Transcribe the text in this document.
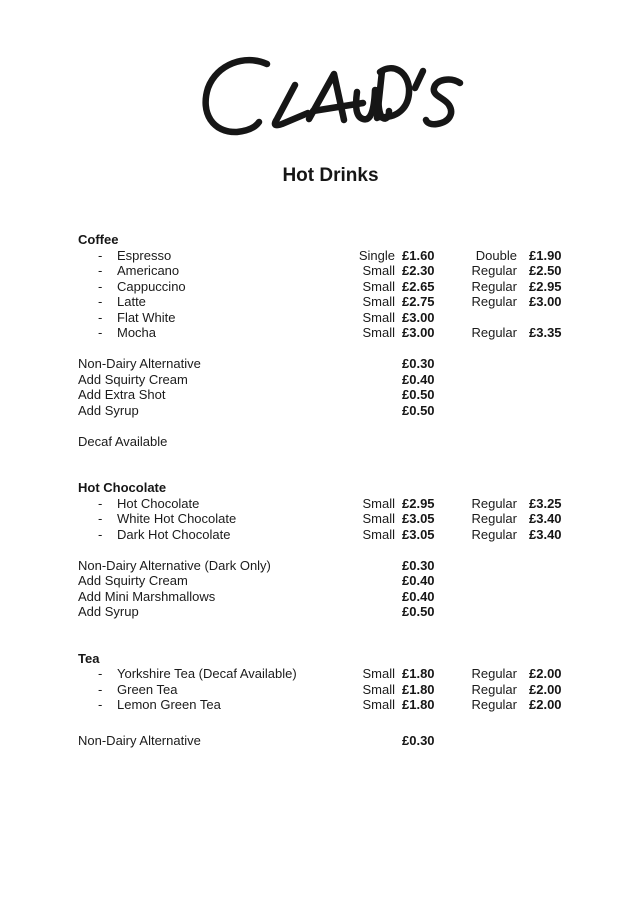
Hot Drinks
Coffee
- Espresso	Single £1.60	Double £1.90
- Americano	Small £2.30	Regular £2.50
- Cappuccino	Small £2.65	Regular £2.95
- Latte	Small £2.75	Regular £3.00
- Flat White	Small £3.00
- Mocha	Small £3.00	Regular £3.35
Non-Dairy Alternative	£0.30
Add Squirty Cream	£0.40
Add Extra Shot	£0.50
Add Syrup	£0.50
Decaf Available
Hot Chocolate
- Hot Chocolate	Small £2.95	Regular £3.25
- White Hot Chocolate	Small £3.05	Regular £3.40
- Dark Hot Chocolate	Small £3.05	Regular £3.40
Non-Dairy Alternative (Dark Only)	£0.30
Add Squirty Cream	£0.40
Add Mini Marshmallows	£0.40
Add Syrup	£0.50
Tea
- Yorkshire Tea (Decaf Available)	Small £1.80	Regular £2.00
- Green Tea	Small £1.80	Regular £2.00
- Lemon Green Tea	Small £1.80	Regular £2.00
Non-Dairy Alternative	£0.30
